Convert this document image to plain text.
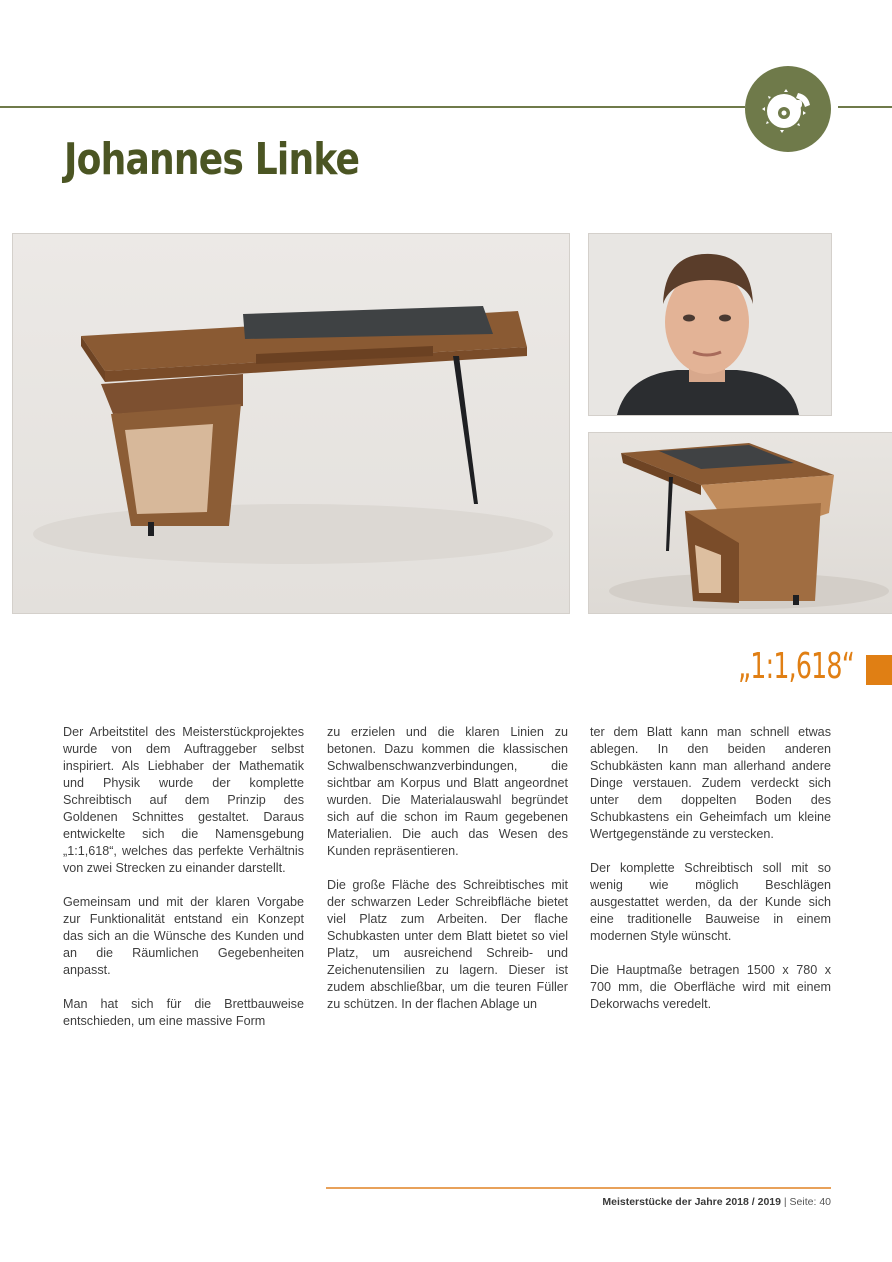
Johannes Linke
„1:1,618“

Der Arbeitstitel des Meisterstückprojektes wurde von dem Auftraggeber selbst inspiriert. Als Liebhaber der Mathematik und Physik wurde der komplette Schreibtisch auf dem Prinzip des Goldenen Schnittes gestaltet. Daraus entwickelte sich die Namensgebung „1:1,618“, welches das perfekte Verhältnis von zwei Strecken zu einander darstellt.

Gemeinsam und mit der klaren Vorgabe zur Funktionalität entstand ein Konzept das sich an die Wünsche des Kunden und an die Räumlichen Gegebenheiten anpasst.

Man hat sich für die Brettbauweise entschieden, um eine massive Form

zu erzielen und die klaren Linien zu betonen. Dazu kommen die klassischen Schwalbenschwanzverbindungen, die sichtbar am Korpus und Blatt angeordnet wurden. Die Materialauswahl begründet sich auf die schon im Raum gegebenen Materialien. Die auch das Wesen des Kunden repräsentieren.

Die große Fläche des Schreibtisches mit der schwarzen Leder Schreibfläche bietet viel Platz zum Arbeiten. Der flache Schubkasten unter dem Blatt bietet so viel Platz, um ausreichend Schreib- und Zeichenutensilien zu lagern. Dieser ist zudem abschließbar, um die teuren Füller zu schützen. In der flachen Ablage un

ter dem Blatt kann man schnell etwas ablegen. In den beiden anderen Schubkästen kann man allerhand andere Dinge verstauen. Zudem verdeckt sich unter dem doppelten Boden des Schubkastens ein Geheimfach um kleine Wertgegenstände zu verstecken.

Der komplette Schreibtisch soll mit so wenig wie möglich Beschlägen ausgestattet werden, da der Kunde sich eine traditionelle Bauweise in einem modernen Style wünscht.

Die Hauptmaße betragen 1500 x 780 x 700 mm, die Oberfläche wird mit einem Dekorwachs veredelt.

Meisterstücke der Jahre 2018 / 2019 | Seite: 40
